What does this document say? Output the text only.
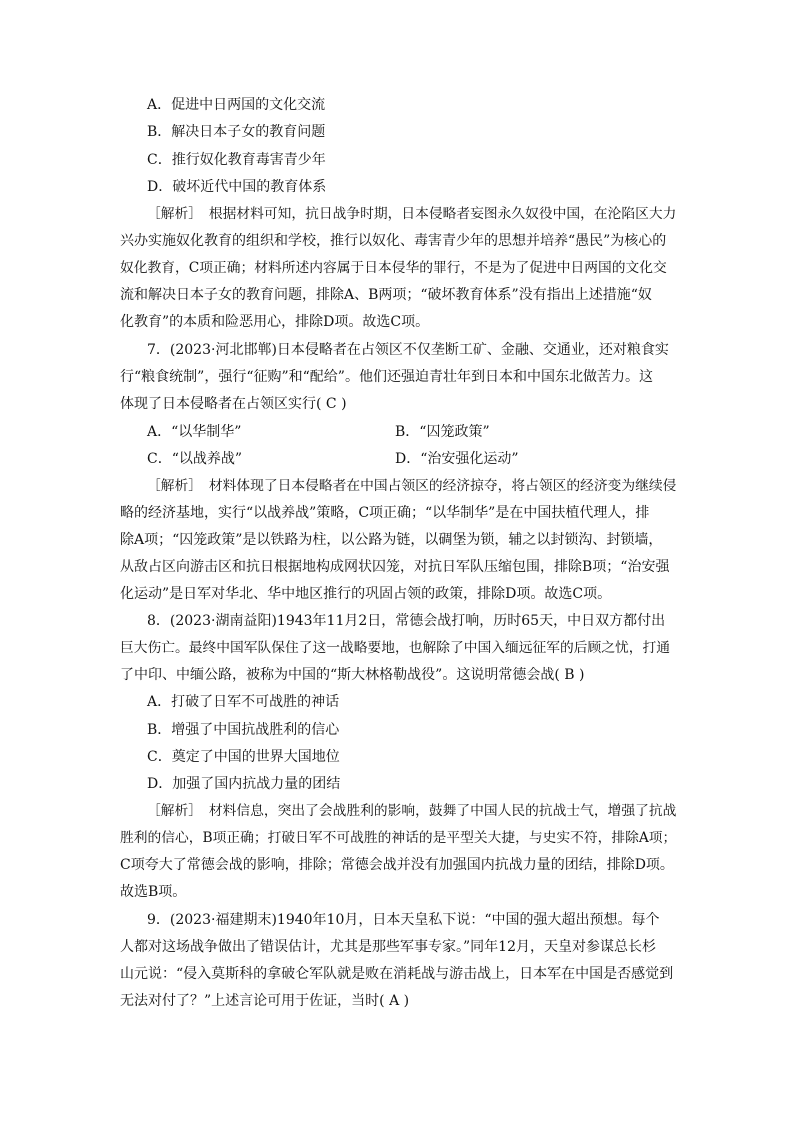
A．促进中日两国的文化交流
B．解决日本子女的教育问题
C．推行奴化教育毒害青少年
D．破坏近代中国的教育体系
［解析］　根据材料可知，抗日战争时期，日本侵略者妄图永久奴役中国，在沦陷区大力
兴办实施奴化教育的组织和学校，推行以奴化、毒害青少年的思想并培养“愚民”为核心的
奴化教育，C项正确；材料所述内容属于日本侵华的罪行，不是为了促进中日两国的文化交
流和解决日本子女的教育问题，排除A、B两项；“破坏教育体系”没有指出上述措施“奴
化教育”的本质和险恶用心，排除D项。故选C项。
7．(2023·河北邯郸)日本侵略者在占领区不仅垄断工矿、金融、交通业，还对粮食实
行“粮食统制”，强行“征购”和“配给”。他们还强迫青壮年到日本和中国东北做苦力。这
体现了日本侵略者在占领区实行( C )
A．“以华制华”	B．“囚笼政策”
C．“以战养战”	D．“治安强化运动”
［解析］　材料体现了日本侵略者在中国占领区的经济掠夺，将占领区的经济变为继续侵
略的经济基地，实行“以战养战”策略，C项正确；“以华制华”是在中国扶植代理人，排
除A项；“囚笼政策”是以铁路为柱，以公路为链，以碉堡为锁，辅之以封锁沟、封锁墙，
从敌占区向游击区和抗日根据地构成网状囚笼，对抗日军队压缩包围，排除B项；“治安强
化运动”是日军对华北、华中地区推行的巩固占领的政策，排除D项。故选C项。
8．(2023·湖南益阳)1943年11月2日，常德会战打响，历时65天，中日双方都付出
巨大伤亡。最终中国军队保住了这一战略要地，也解除了中国入缅远征军的后顾之忧，打通
了中印、中缅公路，被称为中国的“斯大林格勒战役”。这说明常德会战( B )
A．打破了日军不可战胜的神话
B．增强了中国抗战胜利的信心
C．奠定了中国的世界大国地位
D．加强了国内抗战力量的团结
［解析］　材料信息，突出了会战胜利的影响，鼓舞了中国人民的抗战士气，增强了抗战
胜利的信心，B项正确；打破日军不可战胜的神话的是平型关大捷，与史实不符，排除A项；
C项夸大了常德会战的影响，排除；常德会战并没有加强国内抗战力量的团结，排除D项。
故选B项。
9．(2023·福建期末)1940年10月，日本天皇私下说：“中国的强大超出预想。每个
人都对这场战争做出了错误估计，尤其是那些军事专家。”同年12月，天皇对参谋总长杉
山元说：“侵入莫斯科的拿破仑军队就是败在消耗战与游击战上，日本军在中国是否感觉到
无法对付了？”上述言论可用于佐证，当时( A )
